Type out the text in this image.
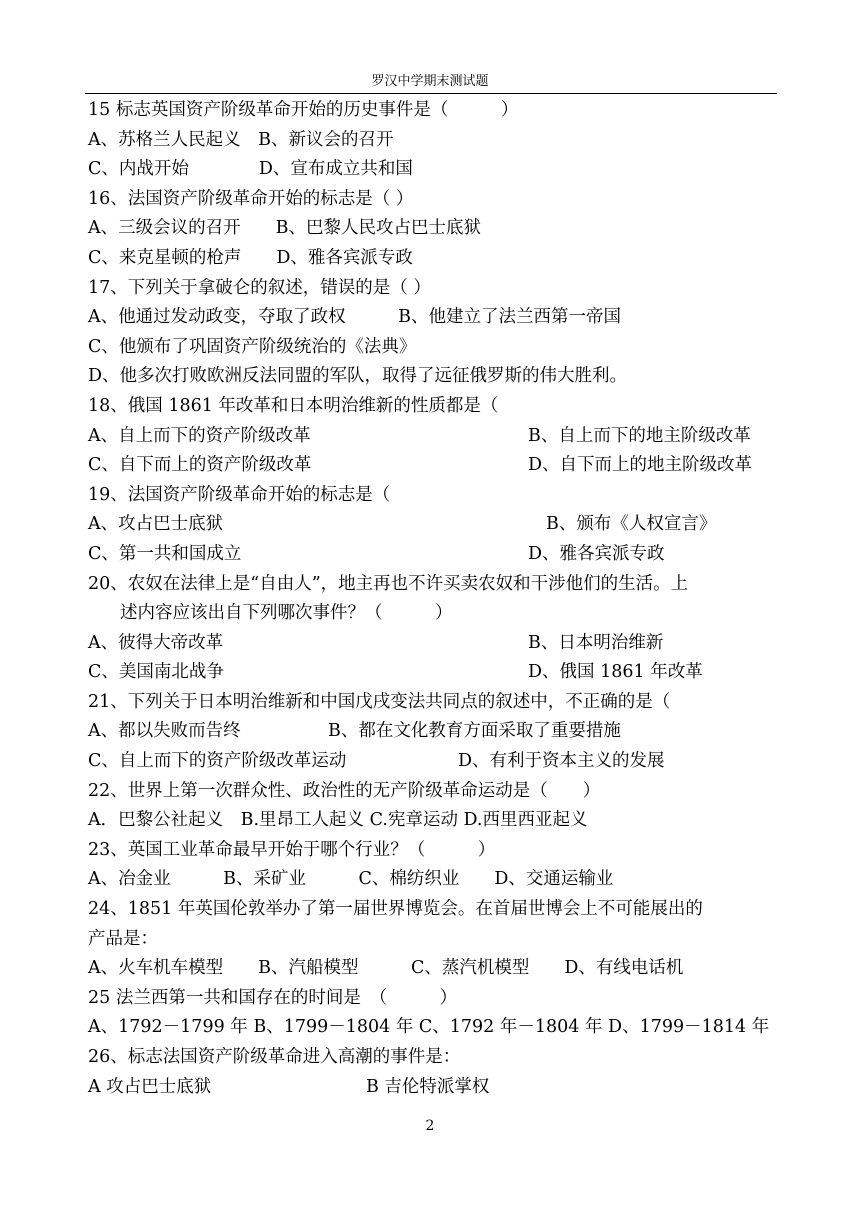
罗汉中学期末测试题
15 标志英国资产阶级革命开始的历史事件是（　　　）
A、苏格兰人民起义　B、新议会的召开
C、内战开始　　　　D、宣布成立共和国
16、法国资产阶级革命开始的标志是（ ）
A、三级会议的召开　　B、巴黎人民攻占巴士底狱
C、来克星顿的枪声　　D、雅各宾派专政
17、下列关于拿破仑的叙述，错误的是（ ）
A、他通过发动政变，夺取了政权　　　B、他建立了法兰西第一帝国
C、他颁布了巩固资产阶级统治的《法典》
D、他多次打败欧洲反法同盟的军队，取得了远征俄罗斯的伟大胜利。
18、俄国 1861 年改革和日本明治维新的性质都是（
A、自上而下的资产阶级改革	B、自上而下的地主阶级改革
C、自下而上的资产阶级改革	D、自下而上的地主阶级改革
19、法国资产阶级革命开始的标志是（
A、攻占巴士底狱	B、颁布《人权宣言》
C、第一共和国成立	D、雅各宾派专政
20、农奴在法律上是“自由人”，地主再也不许买卖农奴和干涉他们的生活。上
述内容应该出自下列哪次事件？（　　　）
A、彼得大帝改革	B、日本明治维新
C、美国南北战争	D、俄国 1861 年改革
21、下列关于日本明治维新和中国戊戌变法共同点的叙述中，不正确的是（
A、都以失败而告终	B、都在文化教育方面采取了重要措施
C、自上而下的资产阶级改革运动	D、有利于资本主义的发展
22、世界上第一次群众性、政治性的无产阶级革命运动是（　　）
A．巴黎公社起义　B.里昂工人起义 C.宪章运动 D.西里西亚起义
23、英国工业革命最早开始于哪个行业？（　　　）
A、冶金业　　　B、采矿业　　　C、棉纺织业　　D、交通运输业
24、1851 年英国伦敦举办了第一届世界博览会。在首届世博会上不可能展出的
产品是：
A、火车机车模型　　B、汽船模型　　　C、蒸汽机模型　　D、有线电话机
25 法兰西第一共和国存在的时间是　（　　　）
A、1792－1799 年 B、1799－1804 年 C、1792 年－1804 年 D、1799－1814 年
26、标志法国资产阶级革命进入高潮的事件是：
A 攻占巴士底狱	B 吉伦特派掌权
2
